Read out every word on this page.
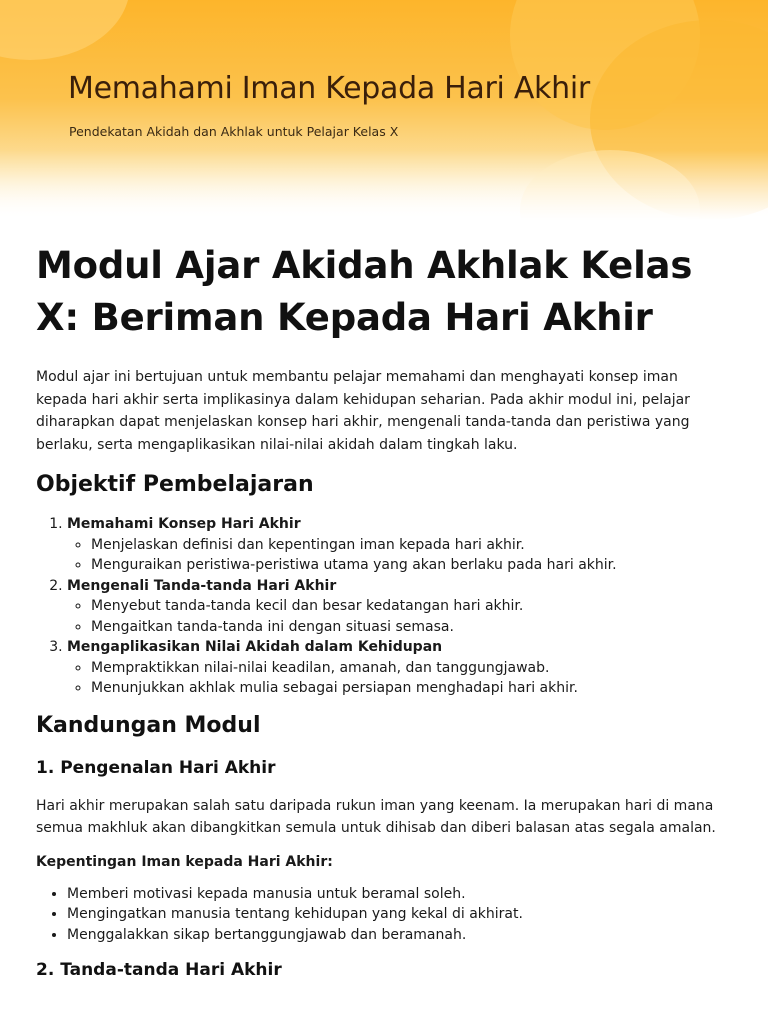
Memahami Iman Kepada Hari Akhir
Pendekatan Akidah dan Akhlak untuk Pelajar Kelas X
Modul Ajar Akidah Akhlak Kelas X: Beriman Kepada Hari Akhir

Modul ajar ini bertujuan untuk membantu pelajar memahami dan menghayati konsep iman kepada hari akhir serta implikasinya dalam kehidupan seharian. Pada akhir modul ini, pelajar diharapkan dapat menjelaskan konsep hari akhir, mengenali tanda-tanda dan peristiwa yang berlaku, serta mengaplikasikan nilai-nilai akidah dalam tingkah laku.

Objektif Pembelajaran
1. Memahami Konsep Hari Akhir
◦ Menjelaskan definisi dan kepentingan iman kepada hari akhir.
◦ Menguraikan peristiwa-peristiwa utama yang akan berlaku pada hari akhir.
2. Mengenali Tanda-tanda Hari Akhir
◦ Menyebut tanda-tanda kecil dan besar kedatangan hari akhir.
◦ Mengaitkan tanda-tanda ini dengan situasi semasa.
3. Mengaplikasikan Nilai Akidah dalam Kehidupan
◦ Mempraktikkan nilai-nilai keadilan, amanah, dan tanggungjawab.
◦ Menunjukkan akhlak mulia sebagai persiapan menghadapi hari akhir.
Kandungan Modul
1. Pengenalan Hari Akhir

Hari akhir merupakan salah satu daripada rukun iman yang keenam. Ia merupakan hari di mana semua makhluk akan dibangkitkan semula untuk dihisab dan diberi balasan atas segala amalan.

Kepentingan Iman kepada Hari Akhir:

• Memberi motivasi kepada manusia untuk beramal soleh.
• Mengingatkan manusia tentang kehidupan yang kekal di akhirat.
• Menggalakkan sikap bertanggungjawab dan beramanah.
2. Tanda-tanda Hari Akhir
